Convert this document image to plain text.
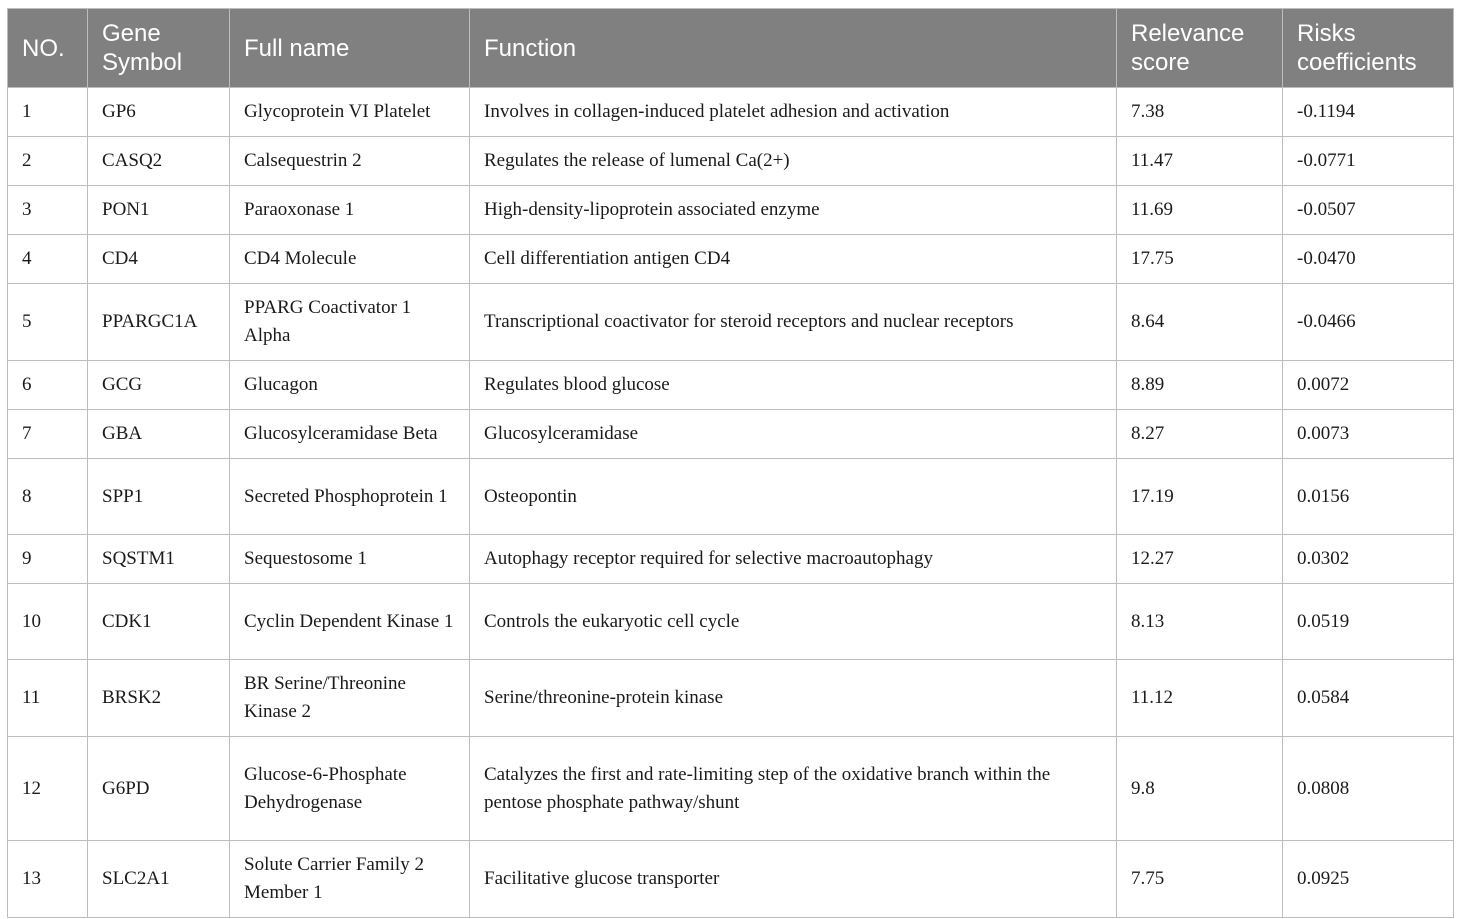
NO.	Gene Symbol	Full name	Function	Relevance score	Risks coefficients
1	GP6	Glycoprotein VI Platelet	Involves in collagen-induced platelet adhesion and activation	7.38	-0.1194
2	CASQ2	Calsequestrin 2	Regulates the release of lumenal Ca(2+)	11.47	-0.0771
3	PON1	Paraoxonase 1	High-density-lipoprotein associated enzyme	11.69	-0.0507
4	CD4	CD4 Molecule	Cell differentiation antigen CD4	17.75	-0.0470
5	PPARGC1A	PPARG Coactivator 1 Alpha	Transcriptional coactivator for steroid receptors and nuclear receptors	8.64	-0.0466
6	GCG	Glucagon	Regulates blood glucose	8.89	0.0072
7	GBA	Glucosylceramidase Beta	Glucosylceramidase	8.27	0.0073
8	SPP1	Secreted Phosphoprotein 1	Osteopontin	17.19	0.0156
9	SQSTM1	Sequestosome 1	Autophagy receptor required for selective macroautophagy	12.27	0.0302
10	CDK1	Cyclin Dependent Kinase 1	Controls the eukaryotic cell cycle	8.13	0.0519
11	BRSK2	BR Serine/Threonine Kinase 2	Serine/threonine-protein kinase	11.12	0.0584
12	G6PD	Glucose-6-Phosphate Dehydrogenase	Catalyzes the first and rate-limiting step of the oxidative branch within the pentose phosphate pathway/shunt	9.8	0.0808
13	SLC2A1	Solute Carrier Family 2 Member 1	Facilitative glucose transporter	7.75	0.0925
